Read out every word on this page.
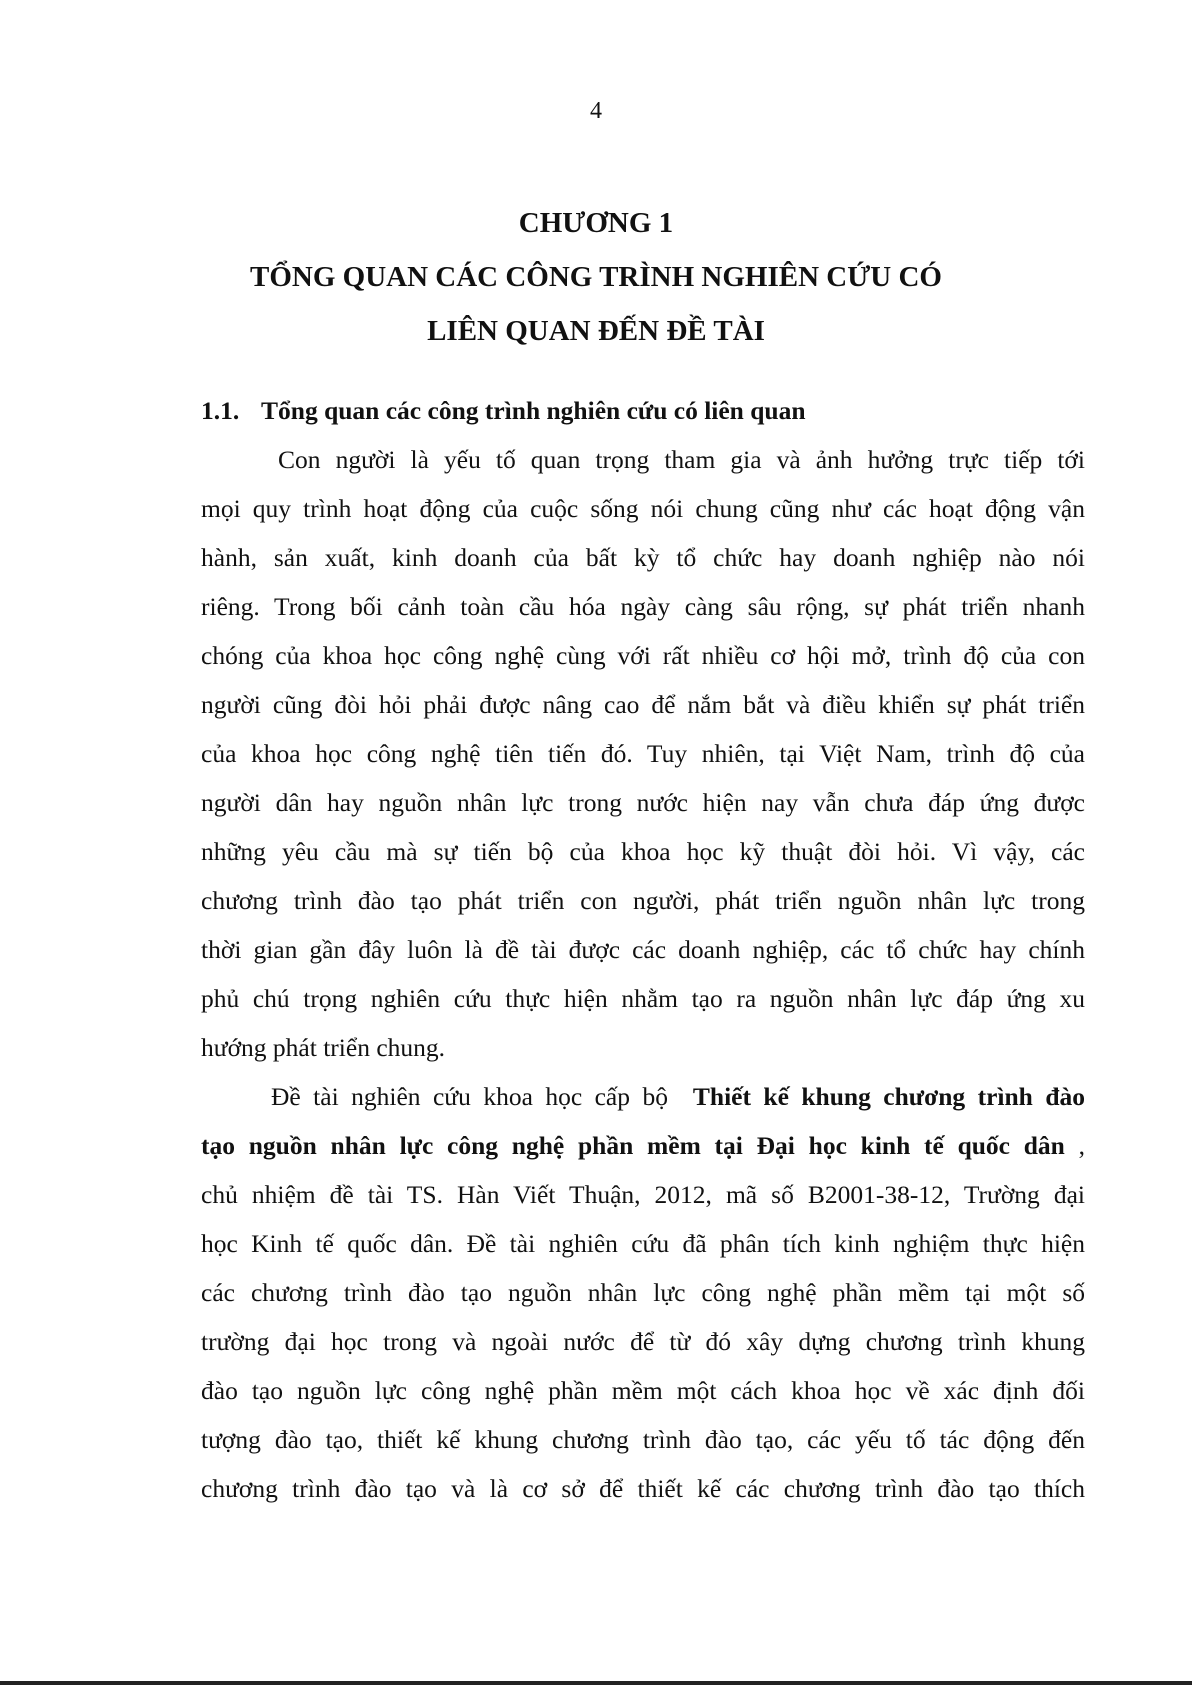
4
CHƯƠNG 1
TỔNG QUAN CÁC CÔNG TRÌNH NGHIÊN CỨU CÓ
LIÊN QUAN ĐẾN ĐỀ TÀI
1.1. Tổng quan các công trình nghiên cứu có liên quan
Con người là yếu tố quan trọng tham gia và ảnh hưởng trực tiếp tới
mọi quy trình hoạt động của cuộc sống nói chung cũng như các hoạt động vận
hành, sản xuất, kinh doanh của bất kỳ tổ chức hay doanh nghiệp nào nói
riêng. Trong bối cảnh toàn cầu hóa ngày càng sâu rộng, sự phát triển nhanh
chóng của khoa học công nghệ cùng với rất nhiều cơ hội mở, trình độ của con
người cũng đòi hỏi phải được nâng cao để nắm bắt và điều khiển sự phát triển
của khoa học công nghệ tiên tiến đó. Tuy nhiên, tại Việt Nam, trình độ của
người dân hay nguồn nhân lực trong nước hiện nay vẫn chưa đáp ứng được
những yêu cầu mà sự tiến bộ của khoa học kỹ thuật đòi hỏi. Vì vậy, các
chương trình đào tạo phát triển con người, phát triển nguồn nhân lực trong
thời gian gần đây luôn là đề tài được các doanh nghiệp, các tổ chức hay chính
phủ chú trọng nghiên cứu thực hiện nhằm tạo ra nguồn nhân lực đáp ứng xu
hướng phát triển chung.
Đề tài nghiên cứu khoa học cấp bộ Thiết kế khung chương trình đào
tạo nguồn nhân lực công nghệ phần mềm tại Đại học kinh tế quốc dân ,
chủ nhiệm đề tài TS. Hàn Viết Thuận, 2012, mã số B2001-38-12, Trường đại
học Kinh tế quốc dân. Đề tài nghiên cứu đã phân tích kinh nghiệm thực hiện
các chương trình đào tạo nguồn nhân lực công nghệ phần mềm tại một số
trường đại học trong và ngoài nước để từ đó xây dựng chương trình khung
đào tạo nguồn lực công nghệ phần mềm một cách khoa học về xác định đối
tượng đào tạo, thiết kế khung chương trình đào tạo, các yếu tố tác động đến
chương trình đào tạo và là cơ sở để thiết kế các chương trình đào tạo thích
